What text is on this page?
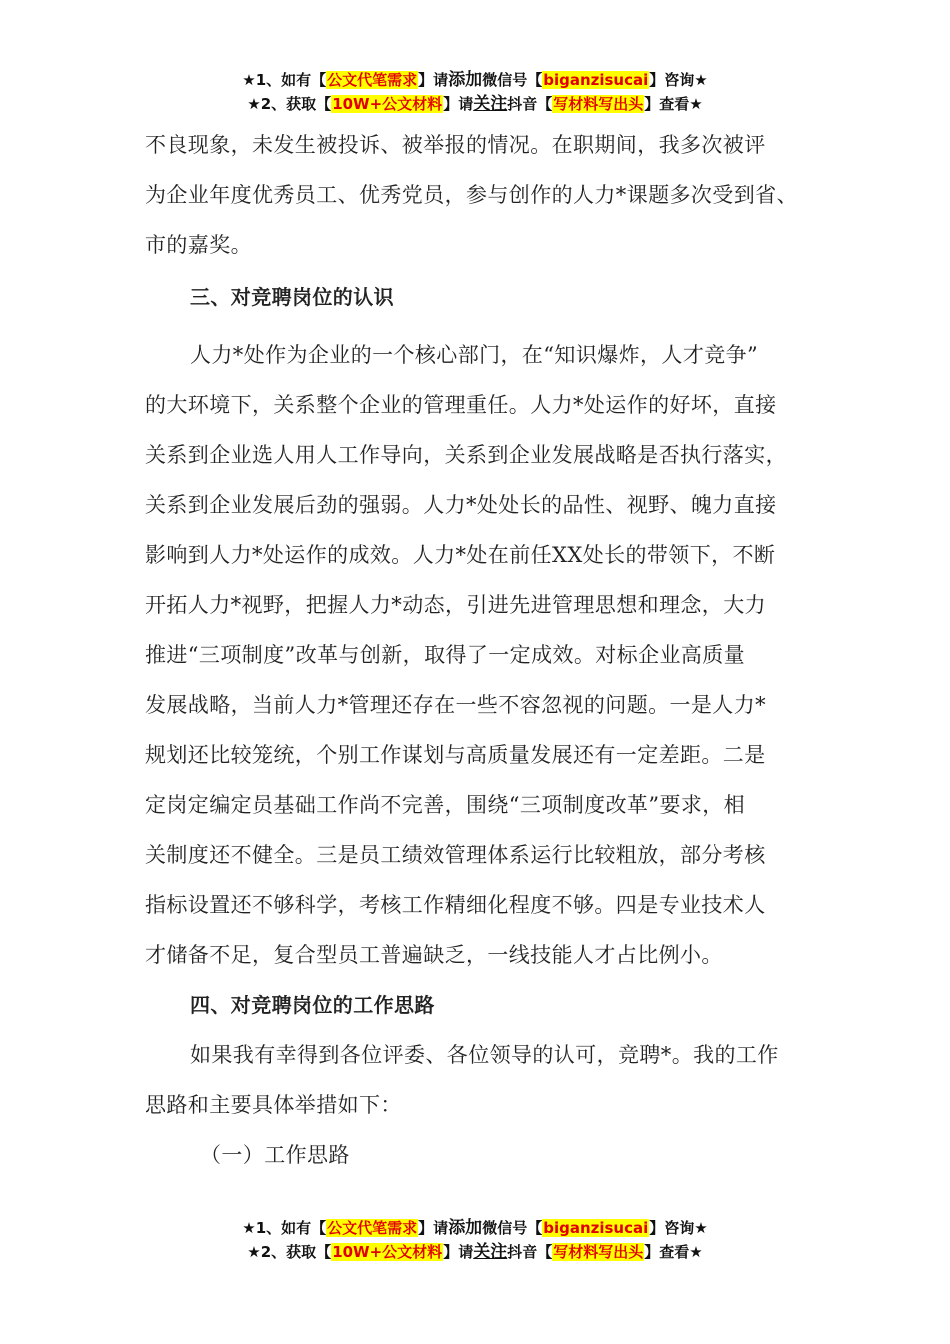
★1、如有【公文代笔需求】请添加微信号【biganzisucai】咨询★
★2、获取【10W+公文材料】请关注抖音【写材料写出头】查看★

不良现象，未发生被投诉、被举报的情况。在职期间，我多次被评

为企业年度优秀员工、优秀党员，参与创作的人力*课题多次受到省、

市的嘉奖。

三、对竞聘岗位的认识

人力*处作为企业的一个核心部门，在“知识爆炸，人才竞争”

的大环境下，关系整个企业的管理重任。人力*处运作的好坏，直接

关系到企业选人用人工作导向，关系到企业发展战略是否执行落实，

关系到企业发展后劲的强弱。人力*处处长的品性、视野、魄力直接

影响到人力*处运作的成效。人力*处在前任XX处长的带领下，不断

开拓人力*视野，把握人力*动态，引进先进管理思想和理念，大力

推进“三项制度”改革与创新，取得了一定成效。对标企业高质量

发展战略，当前人力*管理还存在一些不容忽视的问题。一是人力*

规划还比较笼统，个别工作谋划与高质量发展还有一定差距。二是

定岗定编定员基础工作尚不完善，围绕“三项制度改革”要求，相

关制度还不健全。三是员工绩效管理体系运行比较粗放，部分考核

指标设置还不够科学，考核工作精细化程度不够。四是专业技术人

才储备不足，复合型员工普遍缺乏，一线技能人才占比例小。

四、对竞聘岗位的工作思路

如果我有幸得到各位评委、各位领导的认可，竞聘*。我的工作

思路和主要具体举措如下：

（一）工作思路

★1、如有【公文代笔需求】请添加微信号【biganzisucai】咨询★
★2、获取【10W+公文材料】请关注抖音【写材料写出头】查看★
